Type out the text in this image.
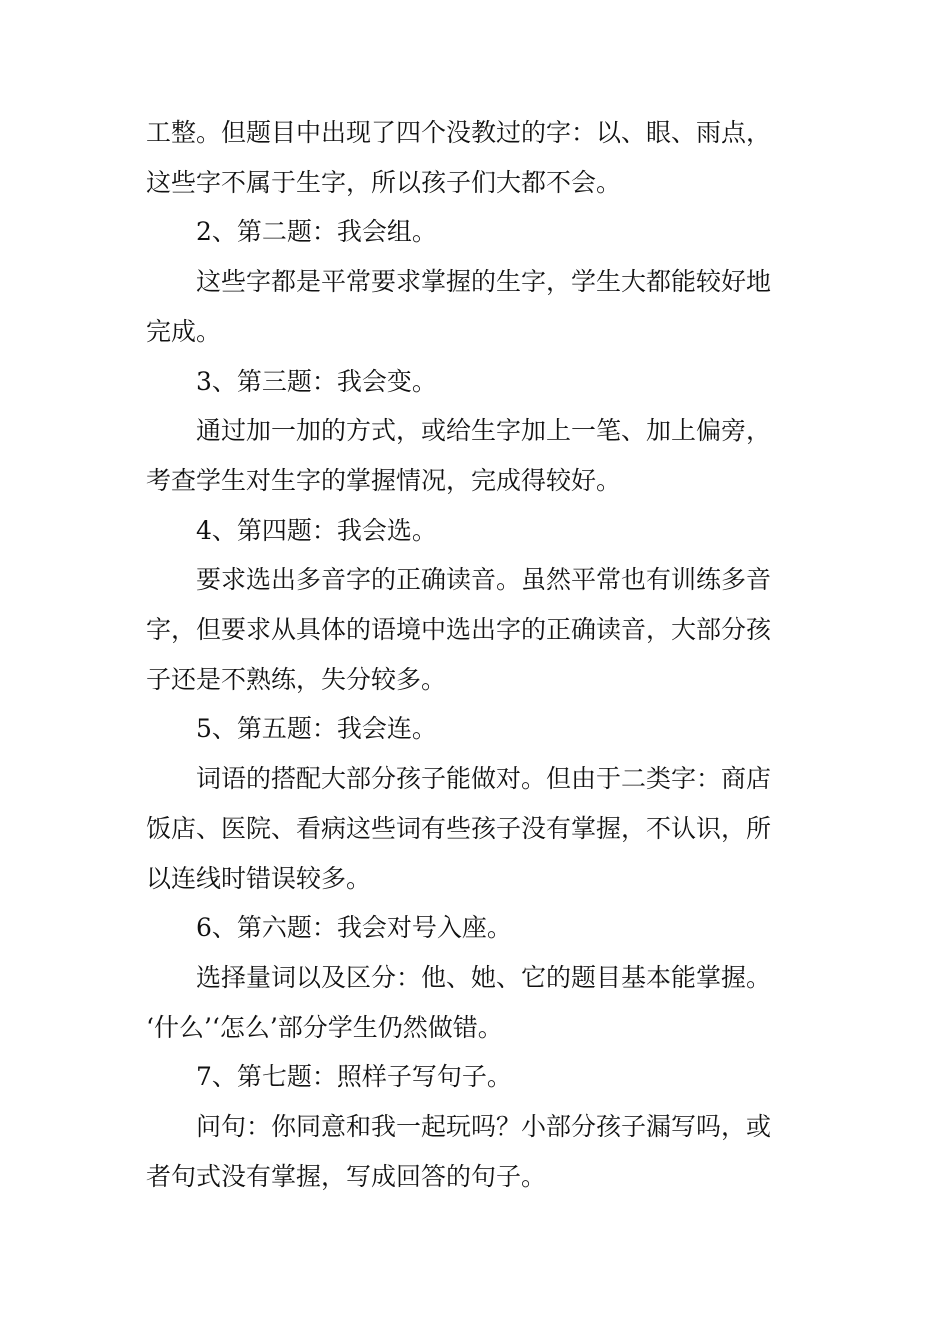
工整。但题目中出现了四个没教过的字：以、眼、雨点，
这些字不属于生字，所以孩子们大都不会。

2、第二题：我会组。

这些字都是平常要求掌握的生字，学生大都能较好地
完成。

3、第三题：我会变。

通过加一加的方式，或给生字加上一笔、加上偏旁，
考查学生对生字的掌握情况，完成得较好。

4、第四题：我会选。

要求选出多音字的正确读音。虽然平常也有训练多音
字，但要求从具体的语境中选出字的正确读音，大部分孩
子还是不熟练，失分较多。

5、第五题：我会连。

词语的搭配大部分孩子能做对。但由于二类字：商店
饭店、医院、看病这些词有些孩子没有掌握，不认识，所
以连线时错误较多。

6、第六题：我会对号入座。

选择量词以及区分：他、她、它的题目基本能掌握。
‘什么’‘怎么’部分学生仍然做错。

7、第七题：照样子写句子。

问句：你同意和我一起玩吗？小部分孩子漏写吗，或
者句式没有掌握，写成回答的句子。
